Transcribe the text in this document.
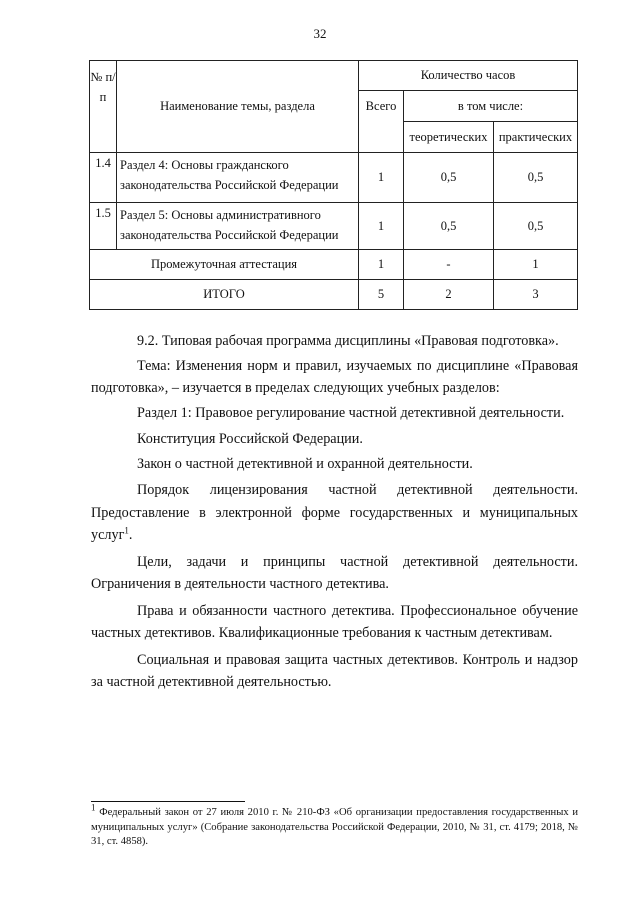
32
№ п/п	Наименование темы, раздела	Количество часов		
		Всего	в том числе:	
			теоретических	практических
1.4	Раздел 4: Основы гражданского законодательства Российской Федерации	1	0,5	0,5
1.5	Раздел 5: Основы административного законодательства Российской Федерации	1	0,5	0,5
Промежуточная аттестация		1	-	1
ИТОГО		5	2	3

9.2. Типовая рабочая программа дисциплины «Правовая подготовка».

Тема: Изменения норм и правил, изучаемых по дисциплине «Правовая подготовка», – изучается в пределах следующих учебных разделов:

Раздел 1: Правовое регулирование частной детективной деятельности.

Конституция Российской Федерации.

Закон о частной детективной и охранной деятельности.

Порядок лицензирования частной детективной деятельности. Предоставление в электронной форме государственных и муниципальных услуг$^1$.

Цели, задачи и принципы частной детективной деятельности. Ограничения в деятельности частного детектива.

Права и обязанности частного детектива. Профессиональное обучение частных детективов. Квалификационные требования к частным детективам.

Социальная и правовая защита частных детективов. Контроль и надзор за частной детективной деятельностью.

$^1$ Федеральный закон от 27 июля 2010 г. № 210-ФЗ «Об организации предоставления государственных и муниципальных услуг» (Собрание законодательства Российской Федерации, 2010, № 31, ст. 4179; 2018, № 31, ст. 4858).
